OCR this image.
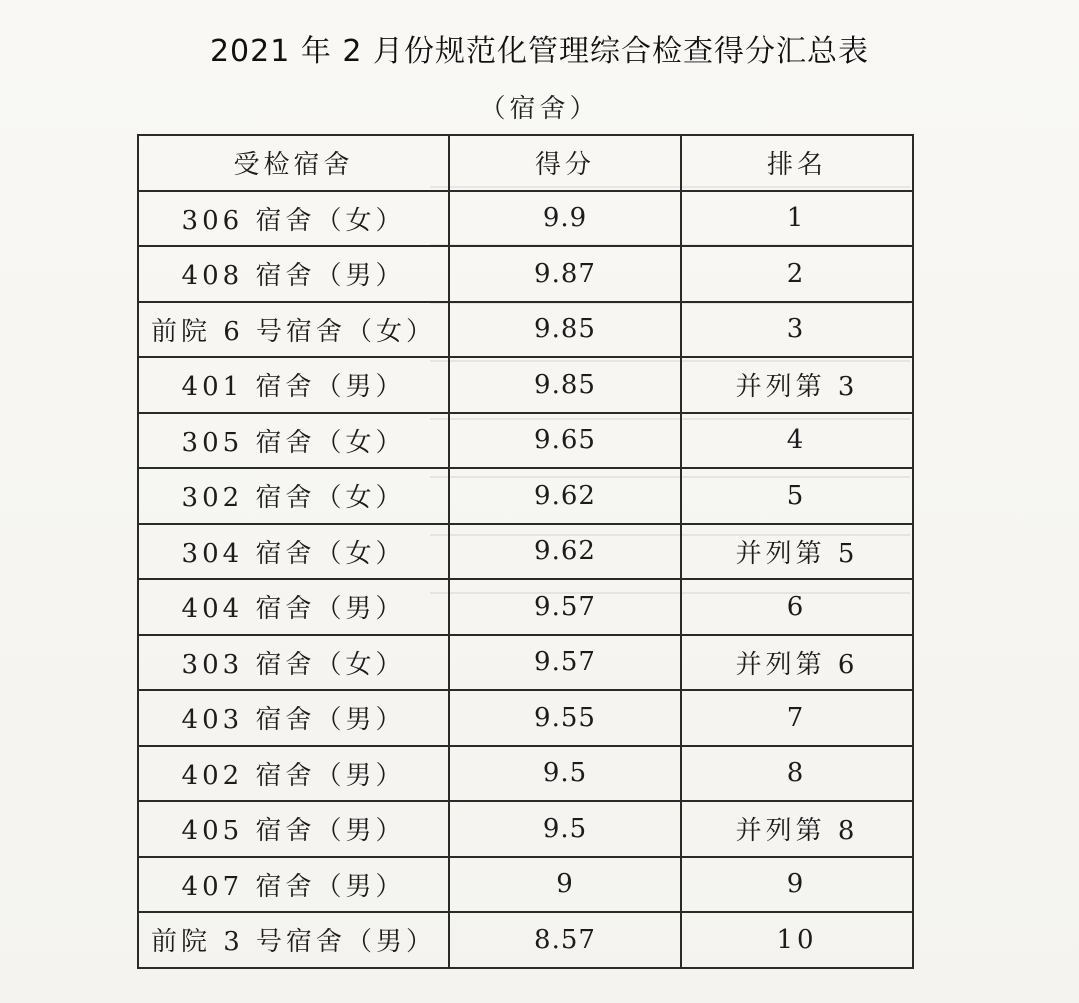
2021 年 2 月份规范化管理综合检查得分汇总表
（宿舍）
受检宿舍	得分	排名
306 宿舍（女）	9.9	1
408 宿舍（男）	9.87	2
前院 6 号宿舍（女）	9.85	3
401 宿舍（男）	9.85	并列第 3
305 宿舍（女）	9.65	4
302 宿舍（女）	9.62	5
304 宿舍（女）	9.62	并列第 5
404 宿舍（男）	9.57	6
303 宿舍（女）	9.57	并列第 6
403 宿舍（男）	9.55	7
402 宿舍（男）	9.5	8
405 宿舍（男）	9.5	并列第 8
407 宿舍（男）	9	9
前院 3 号宿舍（男）	8.57	10
